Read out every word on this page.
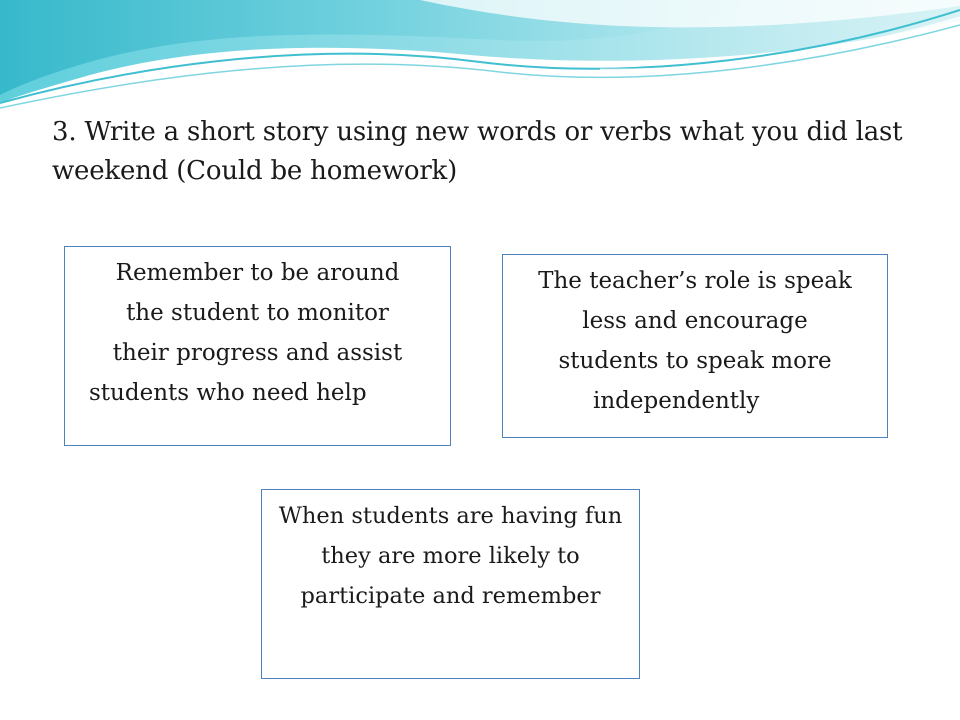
3. Write a short story using new words or verbs what you did last weekend (Could be homework)
Remember to be around
the student to monitor
their progress and assist
students who need help
The teacher’s role is speak
less and encourage
students to speak more
independently
When students are having fun they are more likely to participate and remember
